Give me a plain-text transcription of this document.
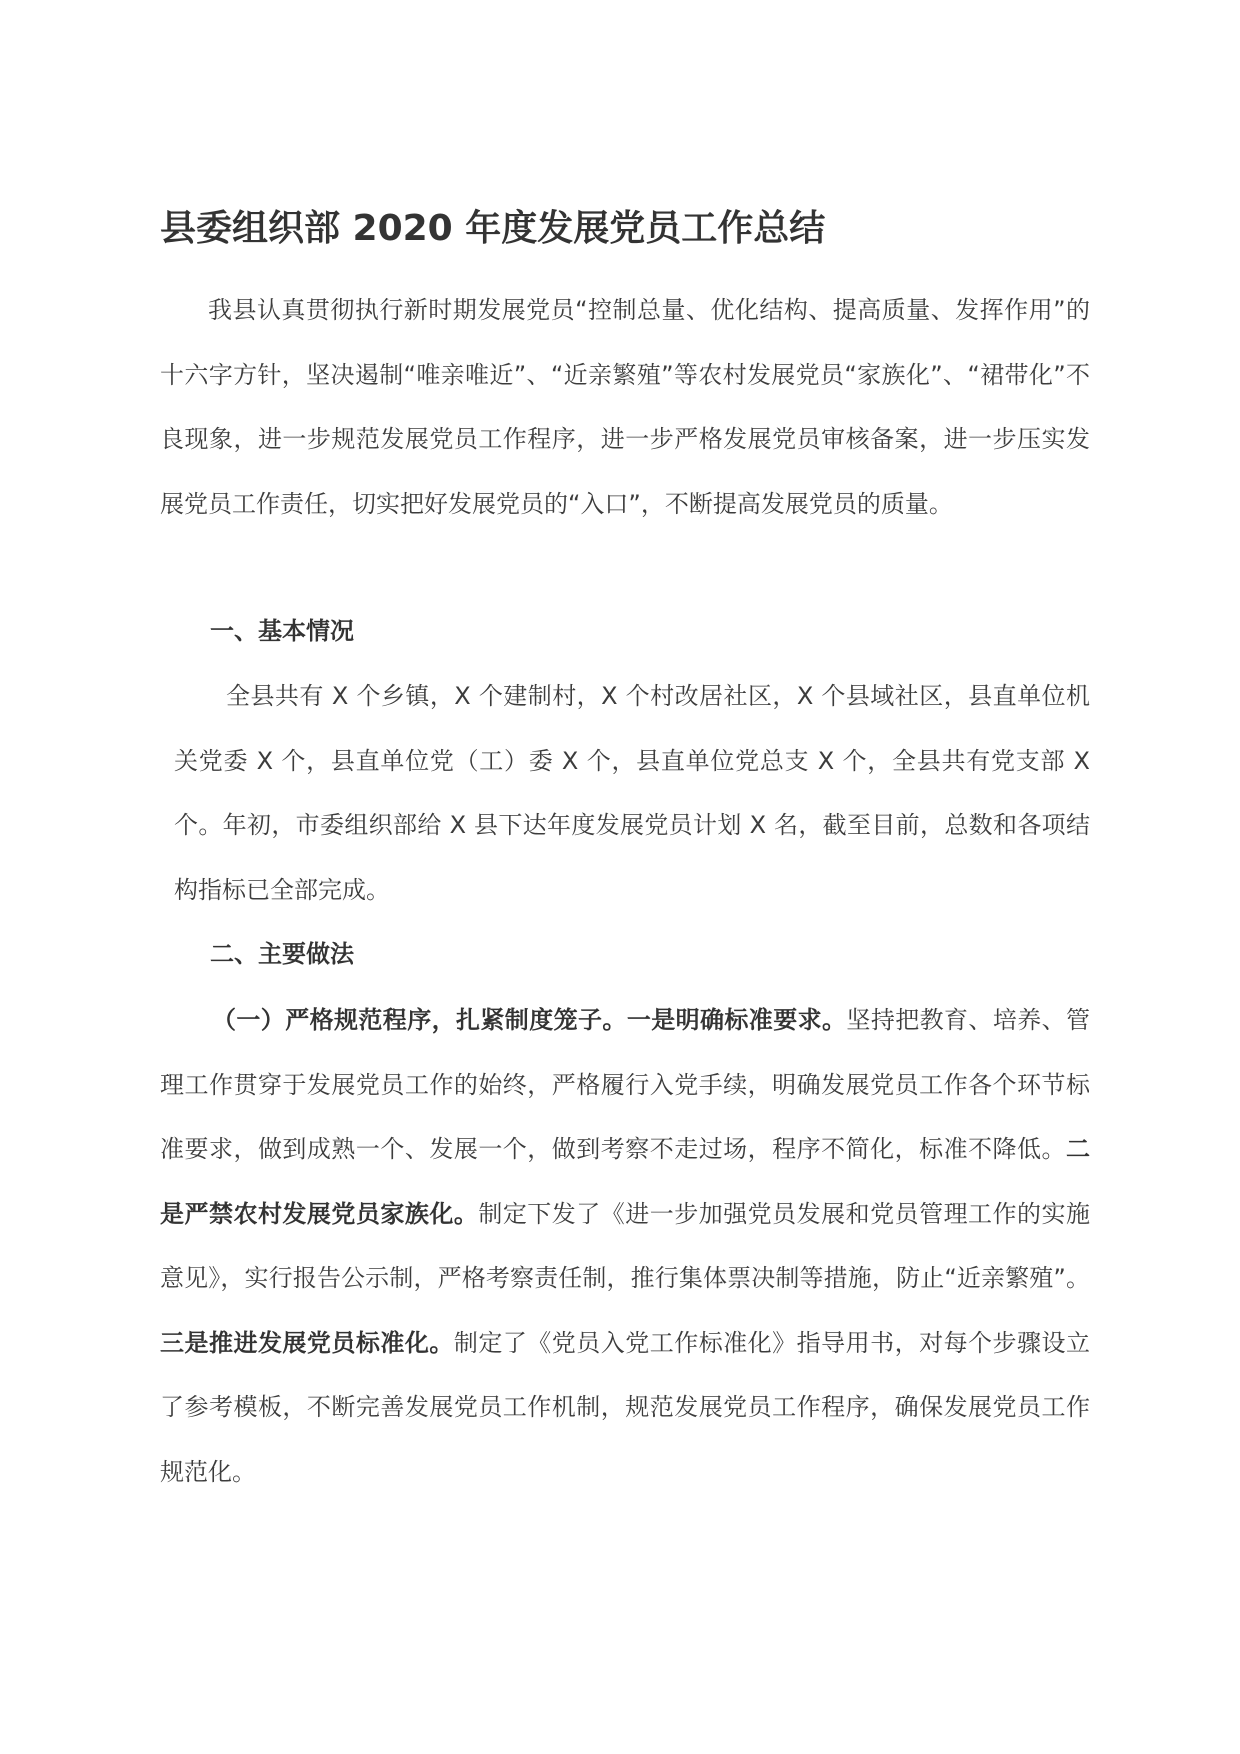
县委组织部 2020 年度发展党员工作总结

我县认真贯彻执行新时期发展党员“控制总量、优化结构、提高质量、发挥作用”的十六字方针，坚决遏制“唯亲唯近”、“近亲繁殖”等农村发展党员“家族化”、“裙带化”不良现象，进一步规范发展党员工作程序，进一步严格发展党员审核备案，进一步压实发展党员工作责任，切实把好发展党员的“入口”，不断提高发展党员的质量。

一、基本情况

全县共有 X 个乡镇，X 个建制村，X 个村改居社区，X 个县域社区，县直单位机关党委 X 个，县直单位党（工）委 X 个，县直单位党总支 X 个，全县共有党支部 X 个。年初，市委组织部给 X 县下达年度发展党员计划 X 名，截至目前，总数和各项结构指标已全部完成。

二、主要做法

（一）严格规范程序，扎紧制度笼子。一是明确标准要求。坚持把教育、培养、管理工作贯穿于发展党员工作的始终，严格履行入党手续，明确发展党员工作各个环节标准要求，做到成熟一个、发展一个，做到考察不走过场，程序不简化，标准不降低。二是严禁农村发展党员家族化。制定下发了《进一步加强党员发展和党员管理工作的实施意见》，实行报告公示制，严格考察责任制，推行集体票决制等措施，防止“近亲繁殖”。三是推进发展党员标准化。制定了《党员入党工作标准化》指导用书，对每个步骤设立了参考模板，不断完善发展党员工作机制，规范发展党员工作程序，确保发展党员工作规范化。
